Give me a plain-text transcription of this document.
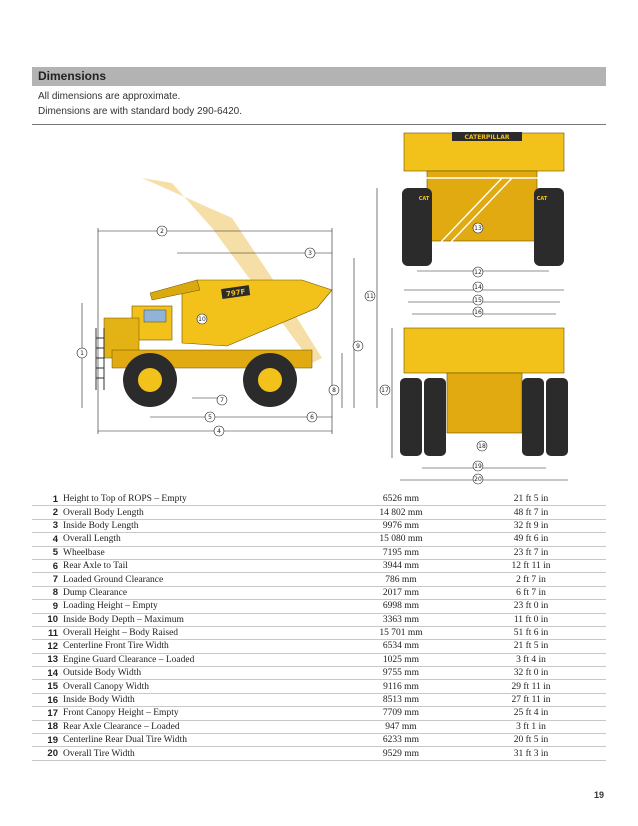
Dimensions
All dimensions are approximate.
Dimensions are with standard body 290-6420.
797F
CATERPILLAR
CAT	CAT
1
2
3
4
5	6
7
8
9
10
11
12
13
14
15
16
17
18
19
20
1	Height to Top of ROPS – Empty	6526 mm	21 ft 5 in
2	Overall Body Length	14 802 mm	48 ft 7 in
3	Inside Body Length	9976 mm	32 ft 9 in
4	Overall Length	15 080 mm	49 ft 6 in
5	Wheelbase	7195 mm	23 ft 7 in
6	Rear Axle to Tail	3944 mm	12 ft 11 in
7	Loaded Ground Clearance	786 mm	2 ft 7 in
8	Dump Clearance	2017 mm	6 ft 7 in
9	Loading Height – Empty	6998 mm	23 ft 0 in
10	Inside Body Depth – Maximum	3363 mm	11 ft 0 in
11	Overall Height – Body Raised	15 701 mm	51 ft 6 in
12	Centerline Front Tire Width	6534 mm	21 ft 5 in
13	Engine Guard Clearance – Loaded	1025 mm	3 ft 4 in
14	Outside Body Width	9755 mm	32 ft 0 in
15	Overall Canopy Width	9116 mm	29 ft 11 in
16	Inside Body Width	8513 mm	27 ft 11 in
17	Front Canopy Height – Empty	7709 mm	25 ft 4 in
18	Rear Axle Clearance – Loaded	947 mm	3 ft 1 in
19	Centerline Rear Dual Tire Width	6233 mm	20 ft 5 in
20	Overall Tire Width	9529 mm	31 ft 3 in
19
